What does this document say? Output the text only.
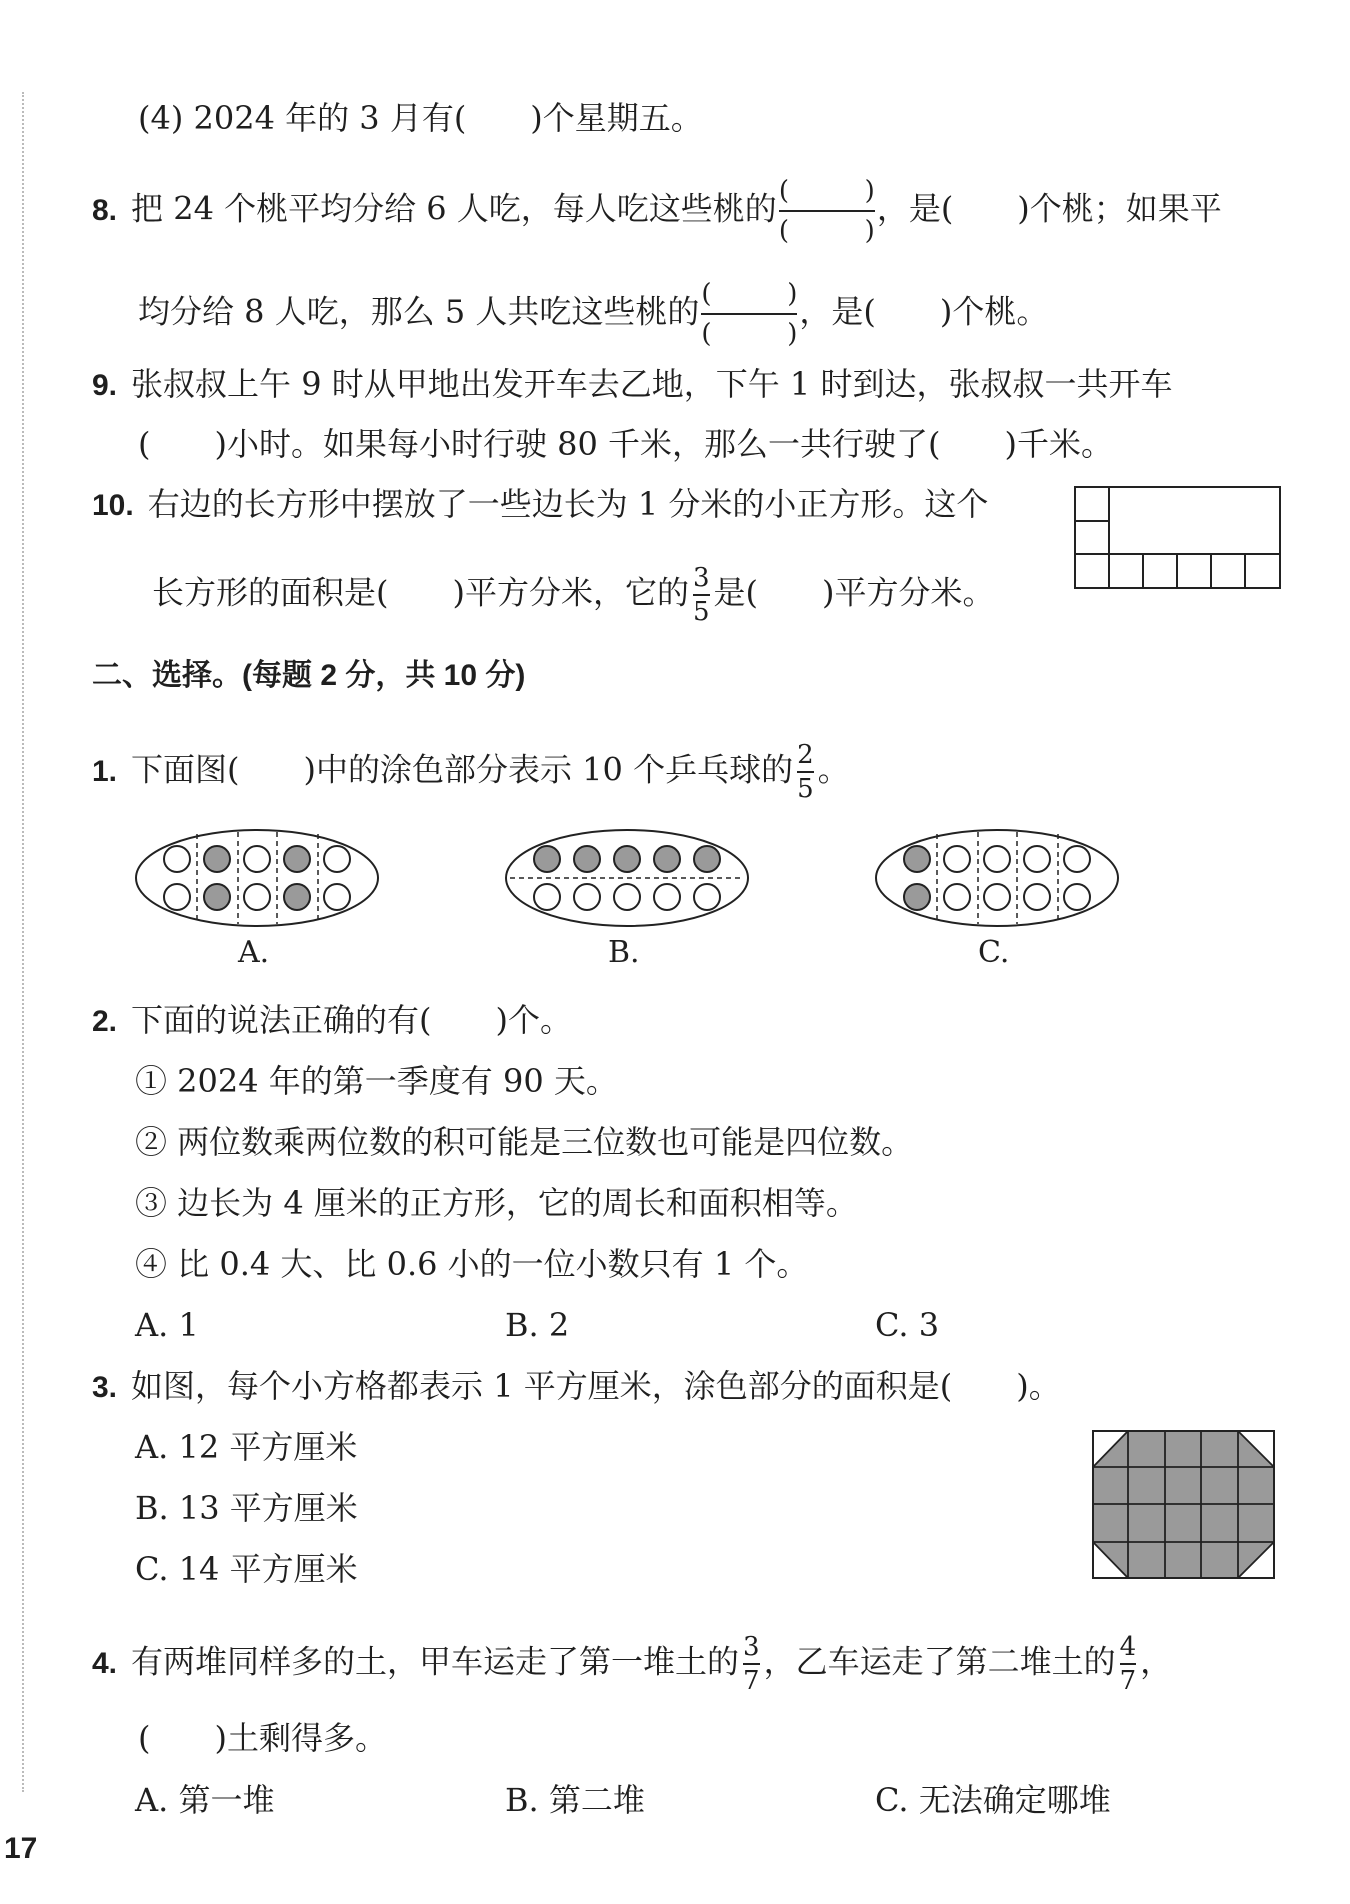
(4) 2024 年的 3 月有(　　)个星期五。
8. 把 24 个桃平均分给 6 人吃，每人吃这些桃的 (	)
(	)
，是(　　)个桃；如果平
均分给 8 人吃，那么 5 人共吃这些桃的 (	)
(	)
，是(　　)个桃。
9. 张叔叔上午 9 时从甲地出发开车去乙地，下午 1 时到达，张叔叔一共开车
(　　)小时。如果每小时行驶 80 千米，那么一共行驶了(　　)千米。
10. 右边的长方形中摆放了一些边长为 1 分米的小正方形。这个
长方形的面积是(　　)平方分米，它的 $\frac{3}{5}$ 是(　　)平方分米。
二、选择。(每题 2 分，共 10 分)
1. 下面图(　　)中的涂色部分表示 10 个乒乓球的 $\frac{2}{5}$ 。
A.	B.	C.
2. 下面的说法正确的有(　　)个。
① 2024 年的第一季度有 90 天。
② 两位数乘两位数的积可能是三位数也可能是四位数。
③ 边长为 4 厘米的正方形，它的周长和面积相等。
④ 比 0.4 大、比 0.6 小的一位小数只有 1 个。
A. 1	B. 2	C. 3
3. 如图，每个小方格都表示 1 平方厘米，涂色部分的面积是(　　)。
A. 12 平方厘米
B. 13 平方厘米
C. 14 平方厘米
4. 有两堆同样多的土，甲车运走了第一堆土的 $\frac{3}{7}$ ，乙车运走了第二堆土的 $\frac{4}{7}$ ，
(　　)土剩得多。
A. 第一堆	B. 第二堆	C. 无法确定哪堆
17
